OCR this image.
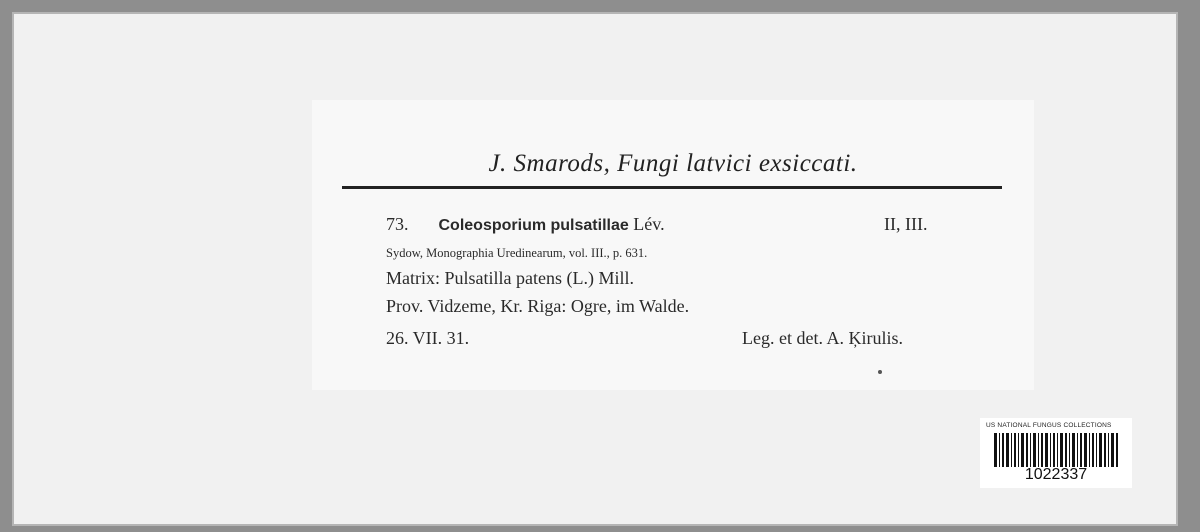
J. Smarods, Fungi latvici exsiccati.
73. Coleosporium pulsatillae Lév.	II, III.
Sydow, Monographia Uredinearum, vol. III., p. 631.
Matrix: Pulsatilla patens (L.) Mill.
Prov. Vidzeme, Kr. Riga: Ogre, im Walde.
26. VII. 31.	Leg. et det. A. Ķirulis.
US NATIONAL FUNGUS COLLECTIONS
1022337
